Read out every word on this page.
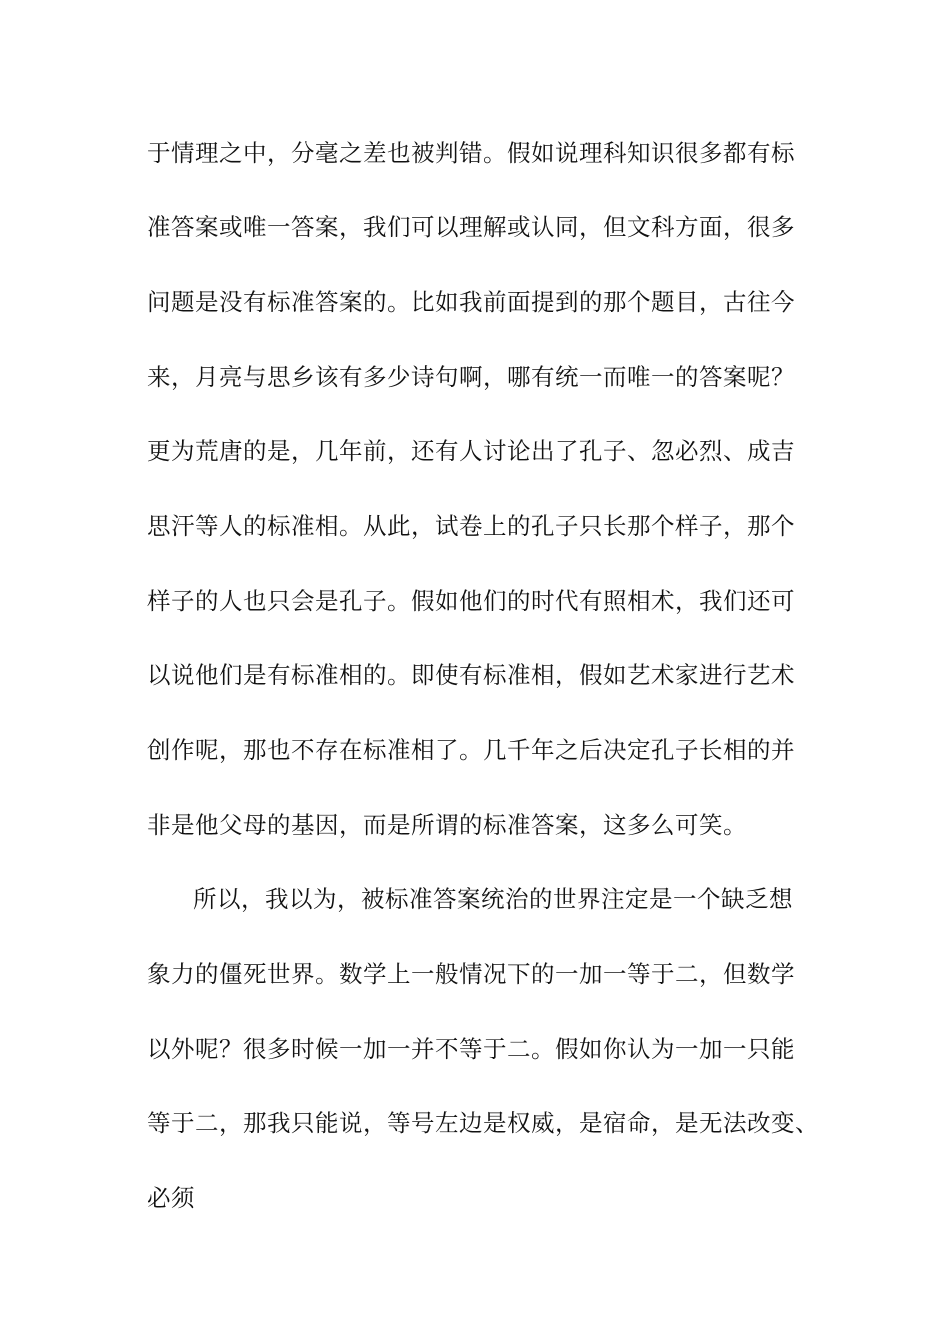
于情理之中，分毫之差也被判错。假如说理科知识很多都有标
准答案或唯一答案，我们可以理解或认同，但文科方面，很多
问题是没有标准答案的。比如我前面提到的那个题目，古往今
来，月亮与思乡该有多少诗句啊，哪有统一而唯一的答案呢？
更为荒唐的是，几年前，还有人讨论出了孔子、忽必烈、成吉
思汗等人的标准相。从此，试卷上的孔子只长那个样子，那个
样子的人也只会是孔子。假如他们的时代有照相术，我们还可
以说他们是有标准相的。即使有标准相，假如艺术家进行艺术
创作呢，那也不存在标准相了。几千年之后决定孔子长相的并
非是他父母的基因，而是所谓的标准答案，这多么可笑。
所以，我以为，被标准答案统治的世界注定是一个缺乏想
象力的僵死世界。数学上一般情况下的一加一等于二，但数学
以外呢？很多时候一加一并不等于二。假如你认为一加一只能
等于二，那我只能说，等号左边是权威，是宿命，是无法改变、
必须
